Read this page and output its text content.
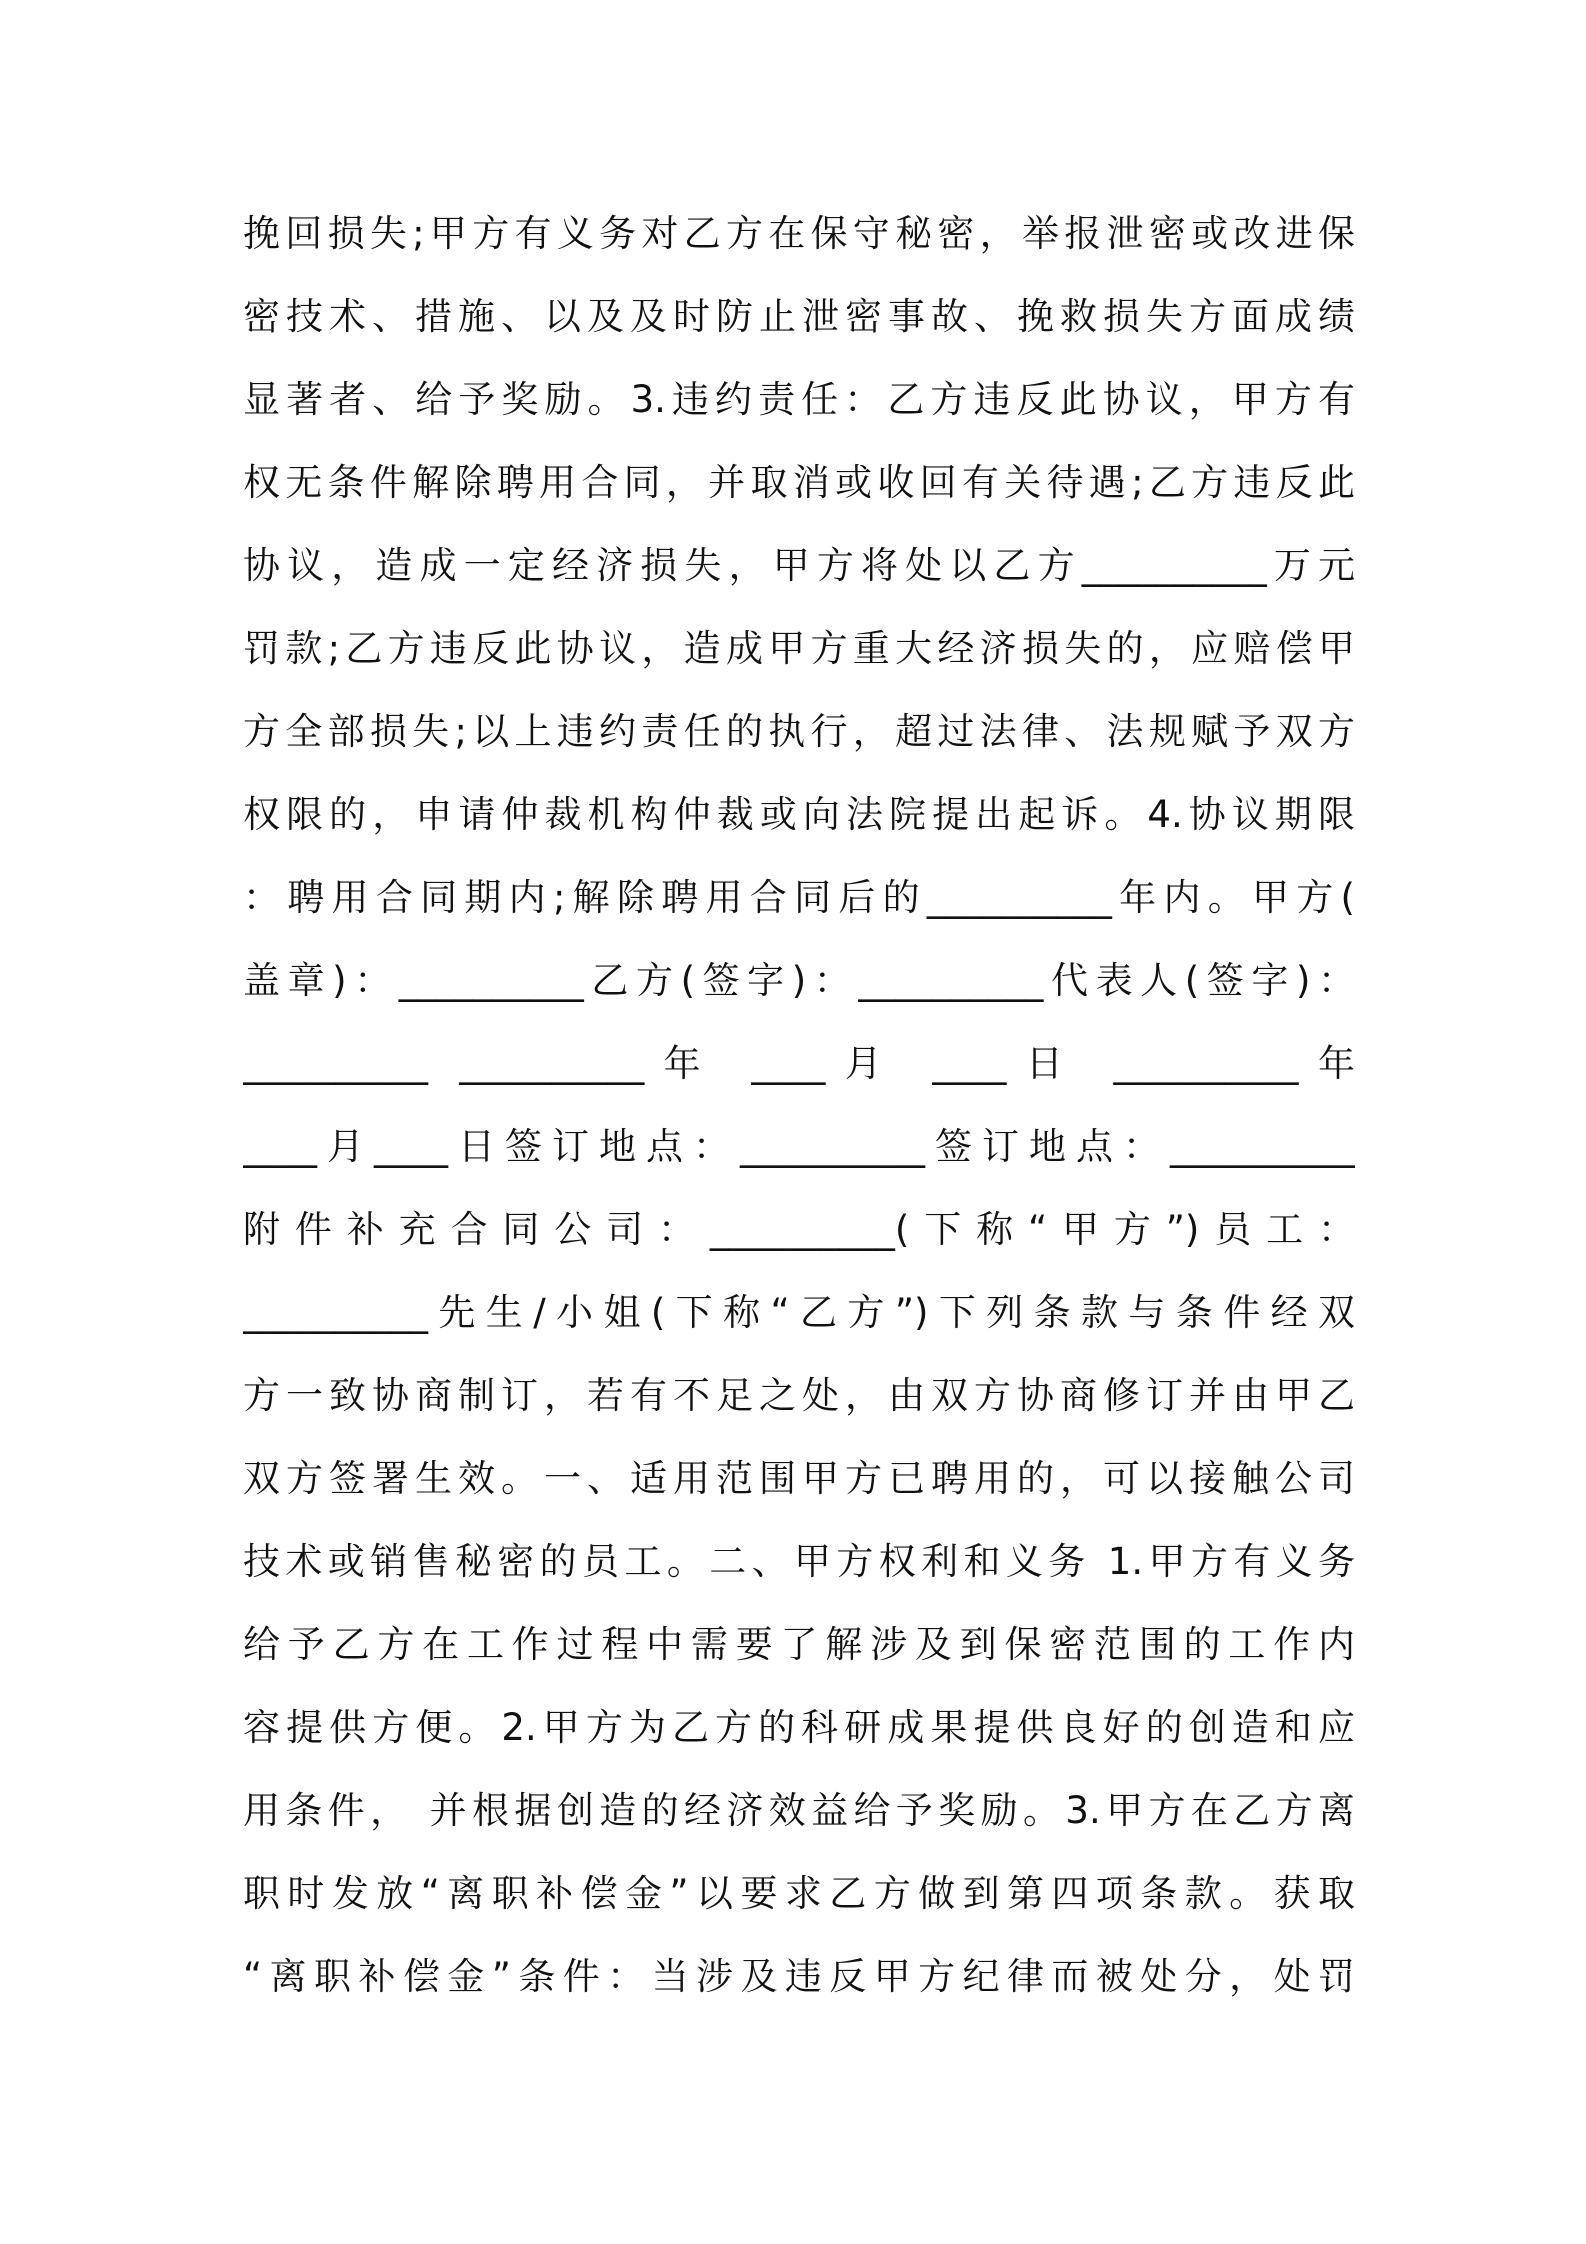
挽回损失;甲方有义务对乙方在保守秘密，举报泄密或改进保
密技术、措施、以及及时防止泄密事故、挽救损失方面成绩
显著者、给予奖励。3.违约责任：乙方违反此协议，甲方有
权无条件解除聘用合同，并取消或收回有关待遇;乙方违反此
协议，造成一定经济损失，甲方将处以乙方__________万元
罚款;乙方违反此协议，造成甲方重大经济损失的，应赔偿甲
方全部损失;以上违约责任的执行，超过法律、法规赋予双方
权限的，申请仲裁机构仲裁或向法院提出起诉。4.协议期限
：聘用合同期内;解除聘用合同后的__________年内。甲方(
盖章)：__________乙方(签字)：__________代表人(签字)：
__________ __________年 ____月 ____日 __________年
____月____日签订地点：__________签订地点：__________
附件补充合同公司：__________(下称“甲方”)员工：
__________先生/小姐(下称“乙方”)下列条款与条件经双
方一致协商制订，若有不足之处，由双方协商修订并由甲乙
双方签署生效。一、适用范围甲方已聘用的，可以接触公司
技术或销售秘密的员工。二、甲方权利和义务 1.甲方有义务
给予乙方在工作过程中需要了解涉及到保密范围的工作内
容提供方便。2.甲方为乙方的科研成果提供良好的创造和应
用条件， 并根据创造的经济效益给予奖励。3.甲方在乙方离
职时发放“离职补偿金”以要求乙方做到第四项条款。获取
“离职补偿金”条件：当涉及违反甲方纪律而被处分，处罚
